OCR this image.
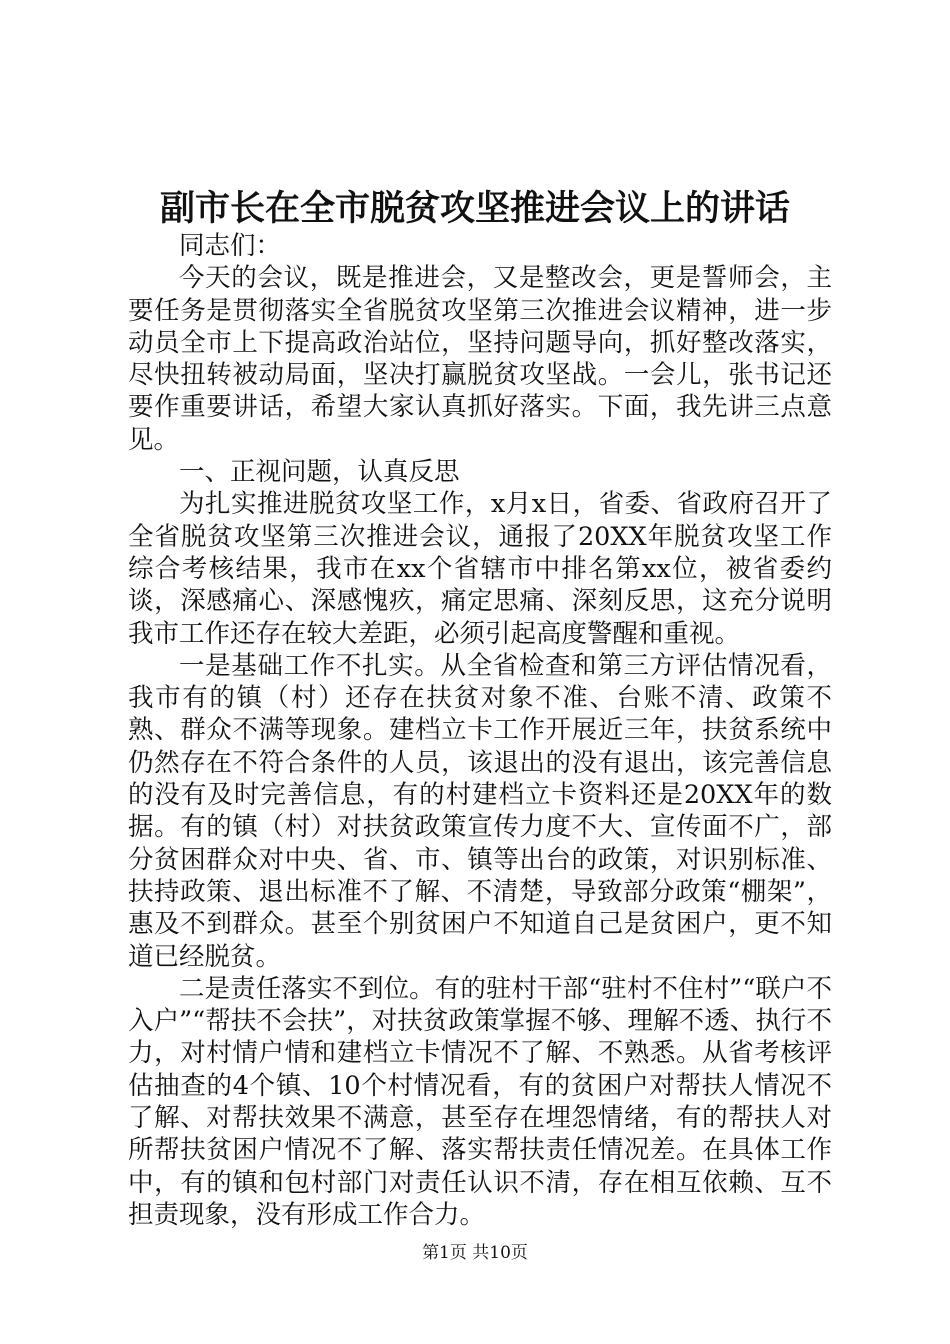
副市长在全市脱贫攻坚推进会议上的讲话

同志们：

今天的会议，既是推进会，又是整改会，更是誓师会，主要任务是贯彻落实全省脱贫攻坚第三次推进会议精神，进一步动员全市上下提高政治站位，坚持问题导向，抓好整改落实，尽快扭转被动局面，坚决打赢脱贫攻坚战。一会儿，张书记还要作重要讲话，希望大家认真抓好落实。下面，我先讲三点意见。

一、正视问题，认真反思

为扎实推进脱贫攻坚工作，x月x日，省委、省政府召开了全省脱贫攻坚第三次推进会议，通报了20XX年脱贫攻坚工作综合考核结果，我市在xx个省辖市中排名第xx位，被省委约谈，深感痛心、深感愧疚，痛定思痛、深刻反思，这充分说明我市工作还存在较大差距，必须引起高度警醒和重视。

一是基础工作不扎实。从全省检查和第三方评估情况看，我市有的镇（村）还存在扶贫对象不准、台账不清、政策不熟、群众不满等现象。建档立卡工作开展近三年，扶贫系统中仍然存在不符合条件的人员，该退出的没有退出，该完善信息的没有及时完善信息，有的村建档立卡资料还是20XX年的数据。有的镇（村）对扶贫政策宣传力度不大、宣传面不广，部分贫困群众对中央、省、市、镇等出台的政策，对识别标准、扶持政策、退出标准不了解、不清楚，导致部分政策“棚架”，惠及不到群众。甚至个别贫困户不知道自己是贫困户，更不知道已经脱贫。

二是责任落实不到位。有的驻村干部“驻村不住村”“联户不入户”“帮扶不会扶”，对扶贫政策掌握不够、理解不透、执行不力，对村情户情和建档立卡情况不了解、不熟悉。从省考核评估抽查的4个镇、10个村情况看，有的贫困户对帮扶人情况不了解、对帮扶效果不满意，甚至存在埋怨情绪，有的帮扶人对所帮扶贫困户情况不了解、落实帮扶责任情况差。在具体工作中，有的镇和包村部门对责任认识不清，存在相互依赖、互不担责现象，没有形成工作合力。

第1页 共10页
